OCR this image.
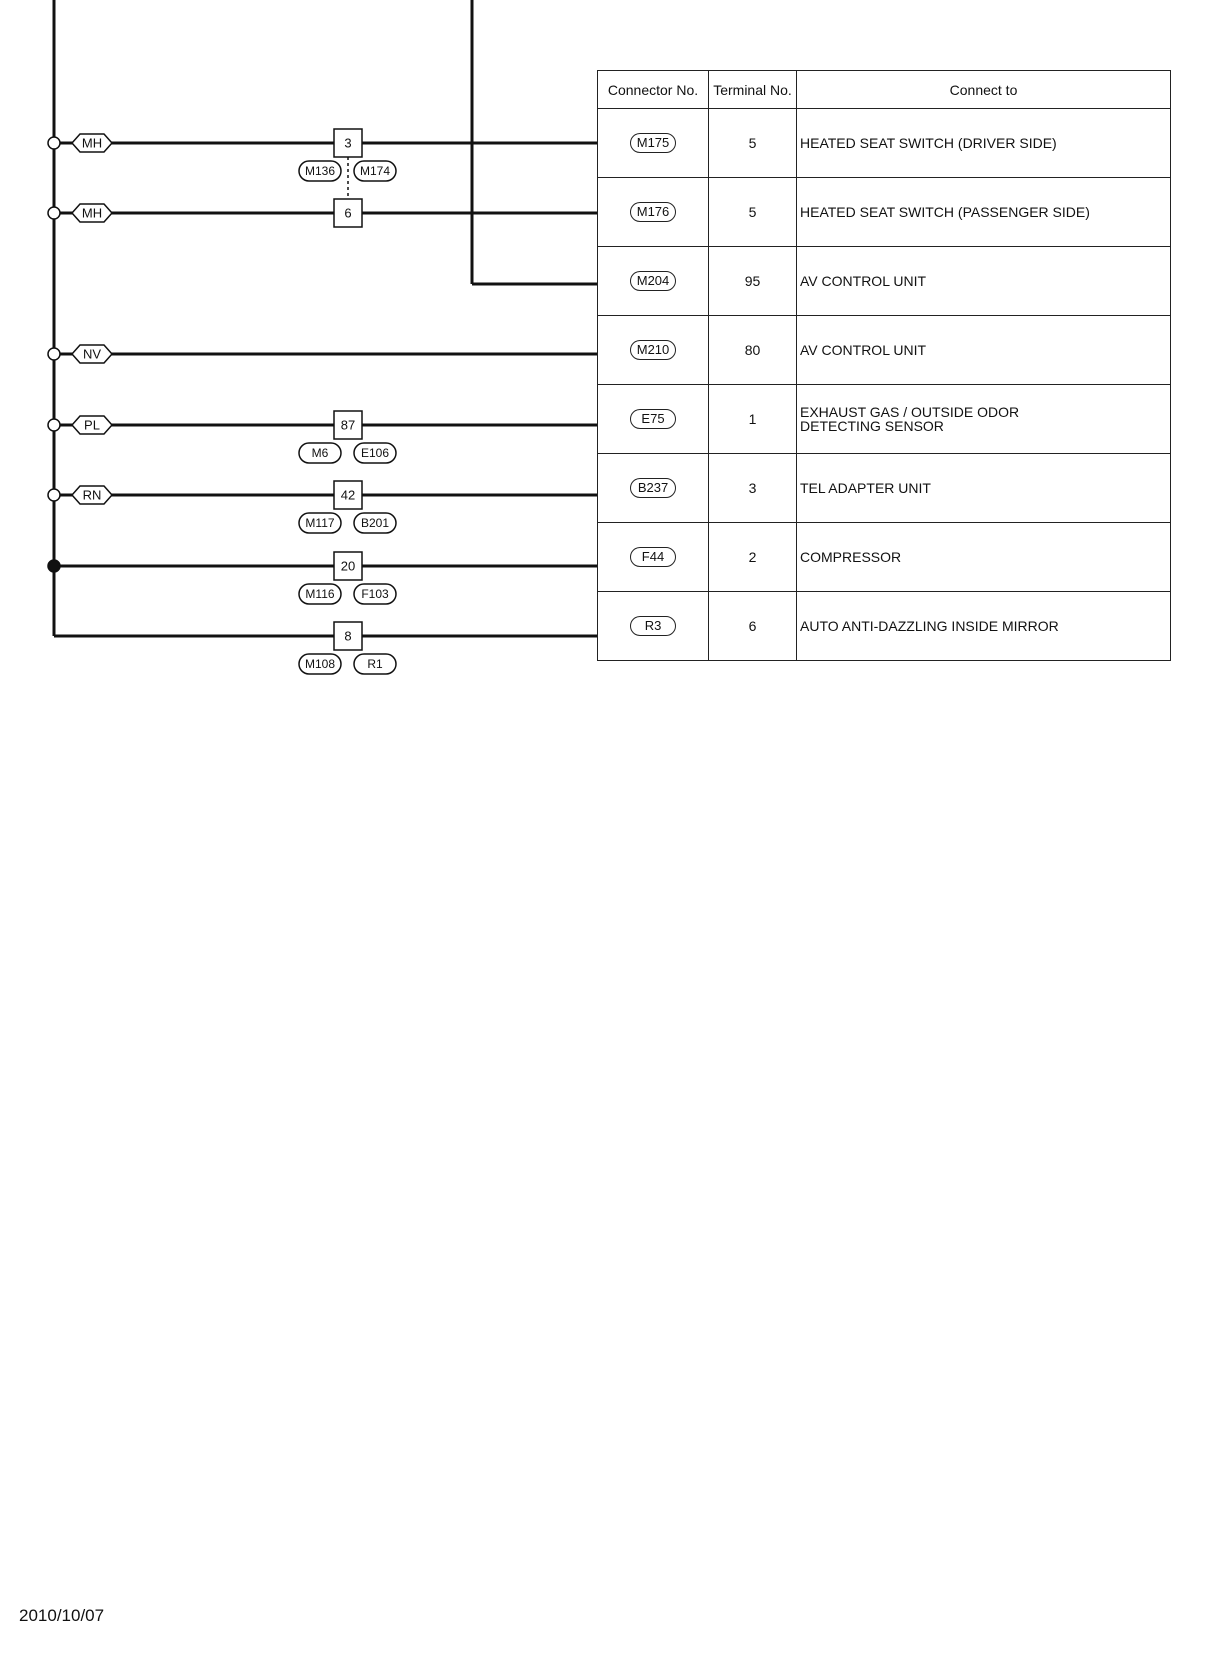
MH	3
M136 M174
MH	6
NV
PL	87
M6	E106
RN	42
M117 B201
20
M116 F103
8
M108	R1
Connector No.	Terminal No.	Connect to
M175	5	HEATED SEAT SWITCH (DRIVER SIDE)
M176	5	HEATED SEAT SWITCH (PASSENGER SIDE)
M204	95	AV CONTROL UNIT
M210	80	AV CONTROL UNIT
E75	1	EXHAUST GAS / OUTSIDE ODOR
DETECTING SENSOR
B237	3	TEL ADAPTER UNIT
F44	2	COMPRESSOR
R3	6	AUTO ANTI-DAZZLING INSIDE MIRROR
2010/10/07
